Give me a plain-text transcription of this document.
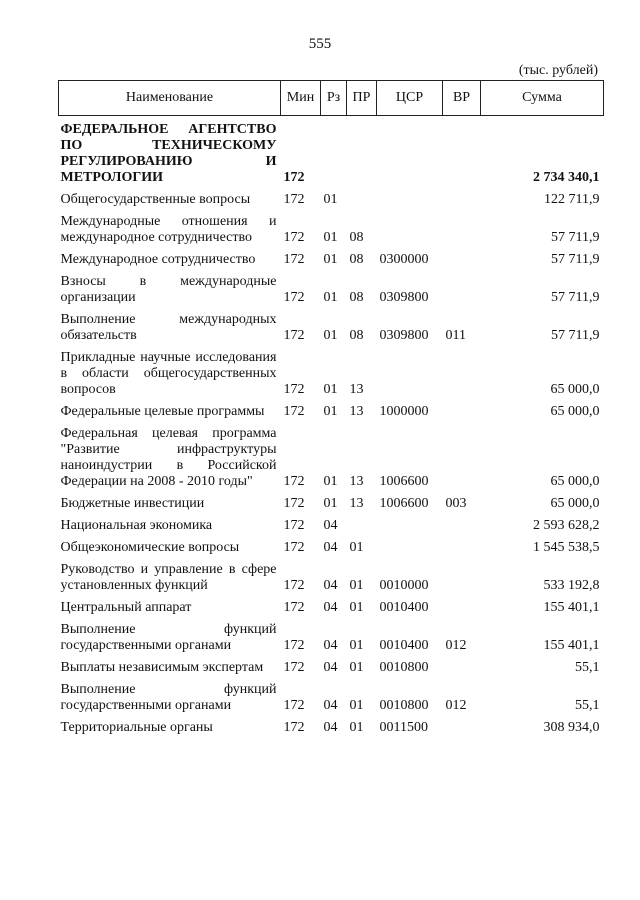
555
(тыс. рублей)
Наименование	Мин	Рз	ПР	ЦСР	ВР	Сумма
ФЕДЕРАЛЬНОЕ АГЕНТСТВО ПО ТЕХНИЧЕСКОМУ РЕГУЛИРОВАНИЮ И МЕТРОЛОГИИ	172					2 734 340,1
Общегосударственные вопросы	172	01				122 711,9
Международные отношения и международное сотрудничество	172	01	08			57 711,9
Международное сотрудничество	172	01	08	0300000		57 711,9
Взносы в международные организации	172	01	08	0309800		57 711,9
Выполнение международных обязательств	172	01	08	0309800	011	57 711,9
Прикладные научные исследования в области общегосударственных вопросов	172	01	13			65 000,0
Федеральные целевые программы	172	01	13	1000000		65 000,0
Федеральная целевая программа "Развитие инфраструктуры наноиндустрии в Российской Федерации на 2008 - 2010 годы"	172	01	13	1006600		65 000,0
Бюджетные инвестиции	172	01	13	1006600	003	65 000,0
Национальная экономика	172	04				2 593 628,2
Общеэкономические вопросы	172	04	01			1 545 538,5
Руководство и управление в сфере установленных функций	172	04	01	0010000		533 192,8
Центральный аппарат	172	04	01	0010400		155 401,1
Выполнение функций государственными органами	172	04	01	0010400	012	155 401,1
Выплаты независимым экспертам	172	04	01	0010800		55,1
Выполнение функций государственными органами	172	04	01	0010800	012	55,1
Территориальные органы	172	04	01	0011500		308 934,0
